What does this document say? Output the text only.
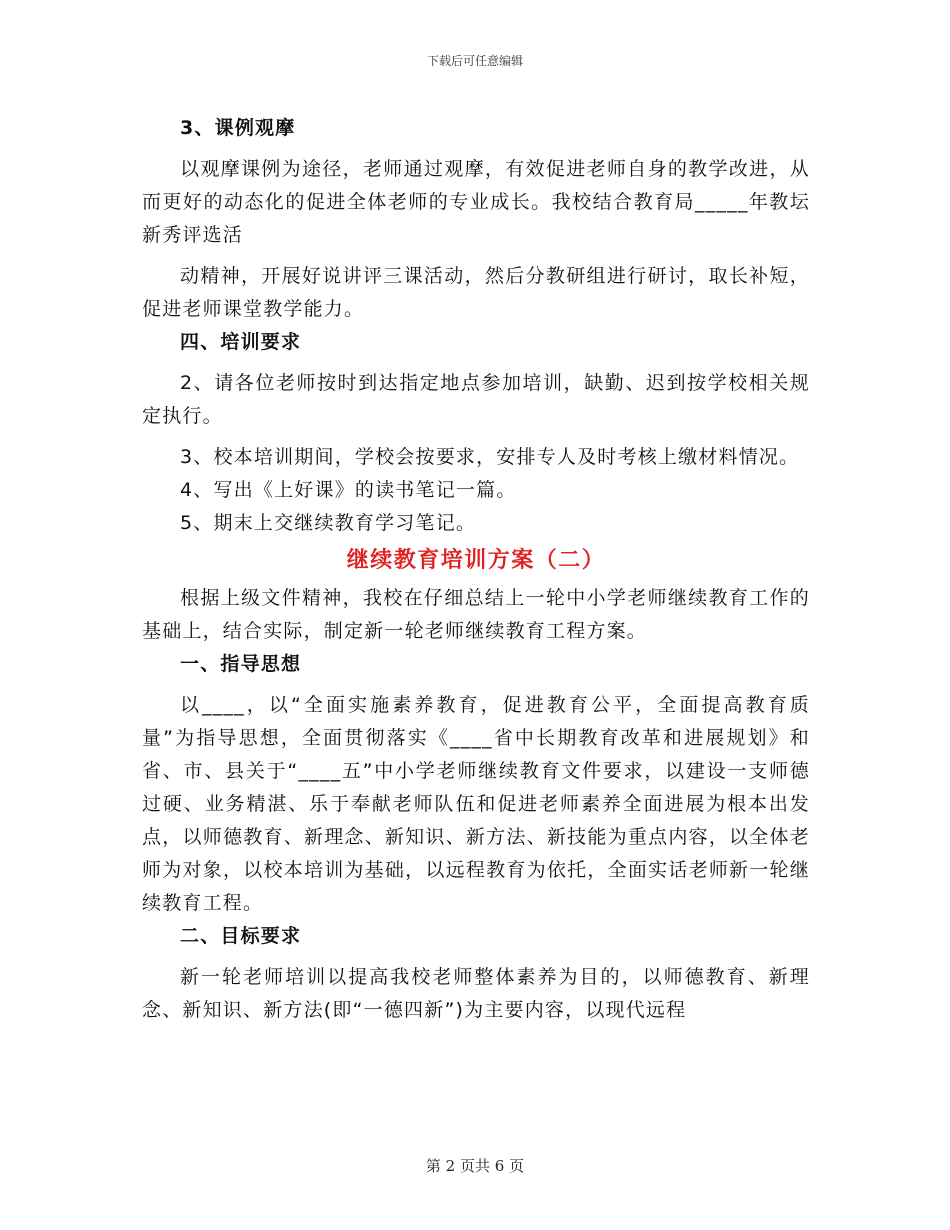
下载后可任意编辑

3、课例观摩

以观摩课例为途径，老师通过观摩，有效促进老师自身的教学改进，从而更好的动态化的促进全体老师的专业成长。我校结合教育局_____年教坛新秀评选活

动精神，开展好说讲评三课活动，然后分教研组进行研讨，取长补短，促进老师课堂教学能力。

四、培训要求

2、请各位老师按时到达指定地点参加培训，缺勤、迟到按学校相关规定执行。

3、校本培训期间，学校会按要求，安排专人及时考核上缴材料情况。

4、写出《上好课》的读书笔记一篇。

5、期末上交继续教育学习笔记。

继续教育培训方案（二）

根据上级文件精神，我校在仔细总结上一轮中小学老师继续教育工作的基础上，结合实际，制定新一轮老师继续教育工程方案。

一、指导思想

以____，以“全面实施素养教育，促进教育公平，全面提高教育质量”为指导思想，全面贯彻落实《____省中长期教育改革和进展规划》和省、市、县关于“____五”中小学老师继续教育文件要求，以建设一支师德过硬、业务精湛、乐于奉献老师队伍和促进老师素养全面进展为根本出发点，以师德教育、新理念、新知识、新方法、新技能为重点内容，以全体老师为对象，以校本培训为基础，以远程教育为依托，全面实话老师新一轮继续教育工程。

二、目标要求

新一轮老师培训以提高我校老师整体素养为目的，以师德教育、新理念、新知识、新方法(即“一德四新”)为主要内容，以现代远程

第 2 页共 6 页
